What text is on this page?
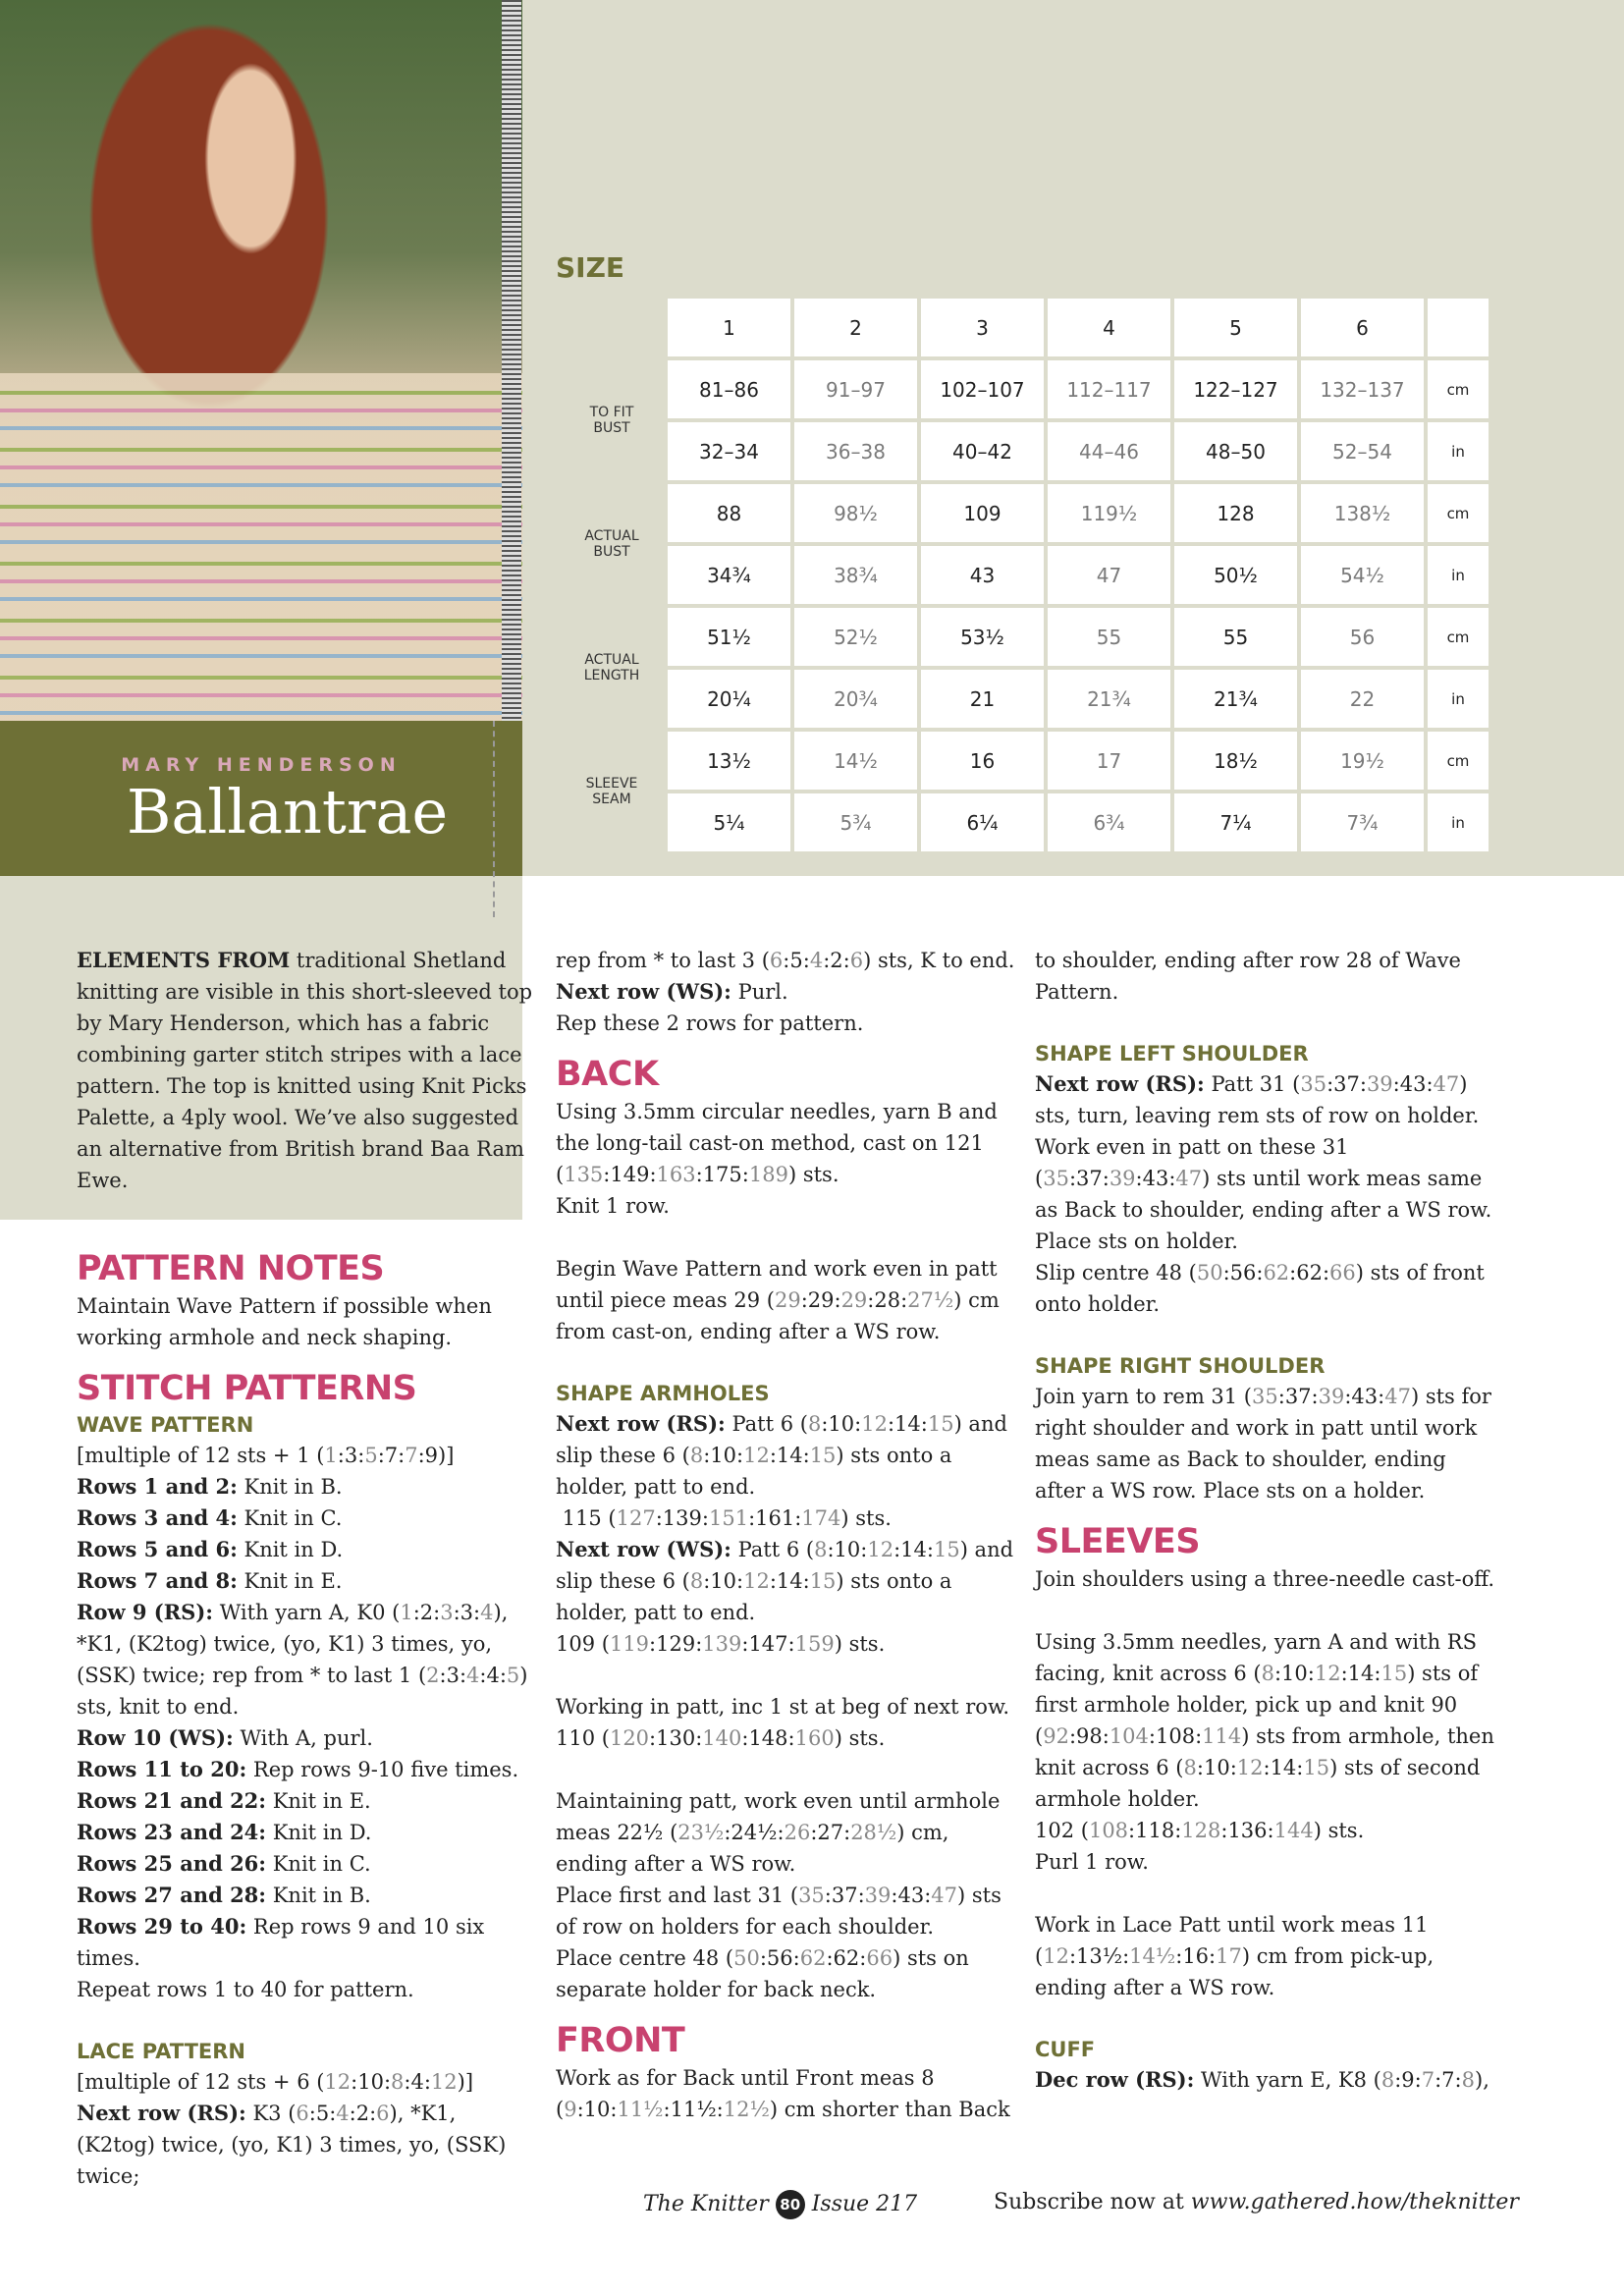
MARY HENDERSON
Ballantrae
SIZE
	1	2	3	4	5	6	

TO FIT
BUST	81–86	91–97	102–107	112–117	122–127	132–137	cm
	32–34	36–38	40–42	44–46	48–50	52–54	in

ACTUAL
BUST	88	98½	109	119½	128	138½	cm
	34¾	38¾	43	47	50½	54½	in

ACTUAL
LENGTH	51½	52½	53½	55	55	56	cm
	20¼	20¾	21	21¾	21¾	22	in

SLEEVE
SEAM	13½	14½	16	17	18½	19½	cm
	5¼	5¾	6¼	6¾	7¼	7¾	in

ELEMENTS FROM traditional Shetland knitting are visible in this short-sleeved top by Mary Henderson, which has a fabric combining garter stitch stripes with a lace pattern. The top is knitted using Knit Picks Palette, a 4ply wool. We’ve also suggested an alternative from British brand Baa Ram Ewe.

PATTERN NOTES

Maintain Wave Pattern if possible when working armhole and neck shaping.

STITCH PATTERNS

WAVE PATTERN

[multiple of 12 sts + 1 (1:3:5:7:7:9)]

Rows 1 and 2: Knit in B.

Rows 3 and 4: Knit in C.

Rows 5 and 6: Knit in D.

Rows 7 and 8: Knit in E.

Row 9 (RS): With yarn A, K0 (1:2:3:3:4), *K1, (K2tog) twice, (yo, K1) 3 times, yo, (SSK) twice; rep from * to last 1 (2:3:4:4:5) sts, knit to end.

Row 10 (WS): With A, purl.

Rows 11 to 20: Rep rows 9-10 five times.

Rows 21 and 22: Knit in E.

Rows 23 and 24: Knit in D.

Rows 25 and 26: Knit in C.

Rows 27 and 28: Knit in B.

Rows 29 to 40: Rep rows 9 and 10 six times.

Repeat rows 1 to 40 for pattern.

LACE PATTERN

[multiple of 12 sts + 6 (12:10:8:4:12)]

Next row (RS): K3 (6:5:4:2:6), *K1, (K2tog) twice, (yo, K1) 3 times, yo, (SSK) twice;

rep from * to last 3 (6:5:4:2:6) sts, K to end.

Next row (WS): Purl.

Rep these 2 rows for pattern.

BACK

Using 3.5mm circular needles, yarn B and the long-tail cast-on method, cast on 121 (135:149:163:175:189) sts.

Knit 1 row.

Begin Wave Pattern and work even in patt until piece meas 29 (29:29:29:28:27½) cm from cast-on, ending after a WS row.

SHAPE ARMHOLES

Next row (RS): Patt 6 (8:10:12:14:15) and slip these 6 (8:10:12:14:15) sts onto a holder, patt to end.

115 (127:139:151:161:174) sts.

Next row (WS): Patt 6 (8:10:12:14:15) and slip these 6 (8:10:12:14:15) sts onto a holder, patt to end.

109 (119:129:139:147:159) sts.

Working in patt, inc 1 st at beg of next row. 110 (120:130:140:148:160) sts.

Maintaining patt, work even until armhole meas 22½ (23½:24½:26:27:28½) cm, ending after a WS row.

Place first and last 31 (35:37:39:43:47) sts of row on holders for each shoulder.

Place centre 48 (50:56:62:62:66) sts on separate holder for back neck.

FRONT

Work as for Back until Front meas 8 (9:10:11½:11½:12½) cm shorter than Back

to shoulder, ending after row 28 of Wave Pattern.

SHAPE LEFT SHOULDER

Next row (RS): Patt 31 (35:37:39:43:47) sts, turn, leaving rem sts of row on holder.

Work even in patt on these 31 (35:37:39:43:47) sts until work meas same as Back to shoulder, ending after a WS row.

Place sts on holder.

Slip centre 48 (50:56:62:62:66) sts of front onto holder.

SHAPE RIGHT SHOULDER

Join yarn to rem 31 (35:37:39:43:47) sts for right shoulder and work in patt until work meas same as Back to shoulder, ending after a WS row. Place sts on a holder.

SLEEVES

Join shoulders using a three-needle cast-off.

Using 3.5mm needles, yarn A and with RS facing, knit across 6 (8:10:12:14:15) sts of first armhole holder, pick up and knit 90 (92:98:104:108:114) sts from armhole, then knit across 6 (8:10:12:14:15) sts of second armhole holder.

102 (108:118:128:136:144) sts.

Purl 1 row.

Work in Lace Patt until work meas 11 (12:13½:14½:16:17) cm from pick-up, ending after a WS row.

CUFF

Dec row (RS): With yarn E, K8 (8:9:7:7:8),

The Knitter 80 Issue 217	Subscribe now at www.gathered.how/theknitter
